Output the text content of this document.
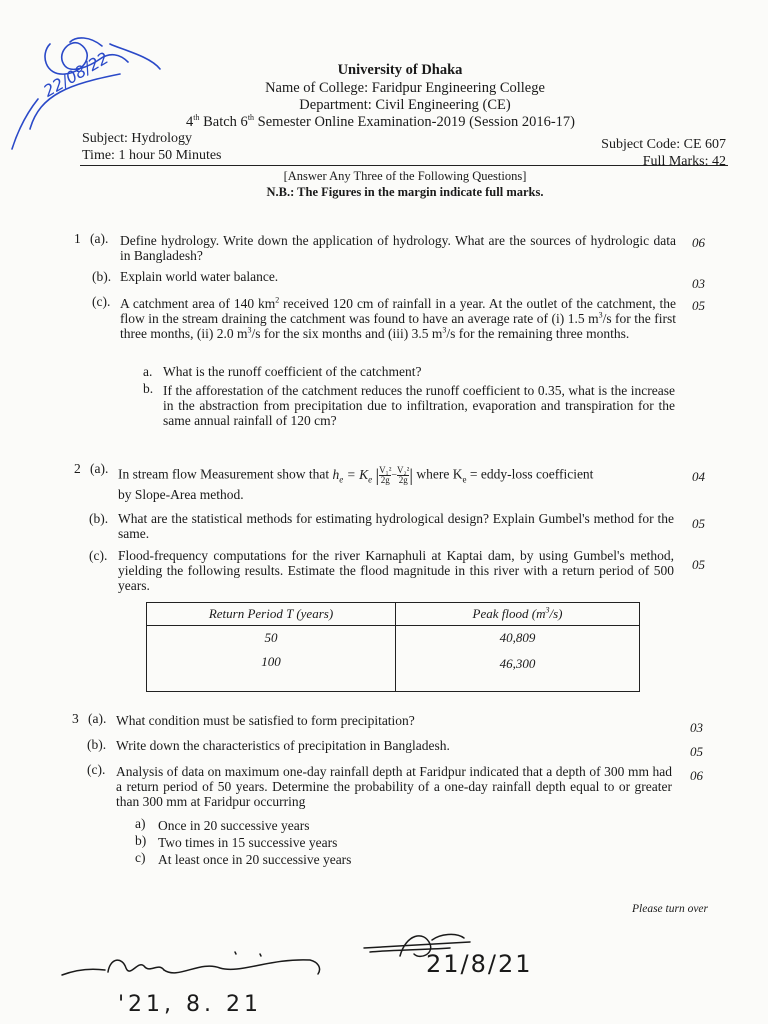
22/08/22	University of Dhaka
Name of College: Faridpur Engineering College
Department: Civil Engineering (CE)
4th Batch 6th Semester Online Examination-2019 (Session 2016-17)
Subject: Hydrology	Subject Code: CE 607
Time: 1 hour 50 Minutes	Full Marks: 42
[Answer Any Three of the Following Questions]
N.B.: The Figures in the margin indicate full marks.
1 (a). Define hydrology. Write down the application of hydrology. What are the sources of hydrologic data in Bangladesh?
06
(b). Explain world water balance.	03
(c). A catchment area of 140 $km^2$ received 120 cm of rainfall in a year. At the outlet of the catchment, the flow in the stream draining the catchment was found to have an average rate of (i) 1.5 $m^3/s$ for the first three months, (ii) 2.0 $m^3/s$ for the six months and (iii) 3.5 $m^3/s$ for the remaining three months.
05
a. What is the runoff coefficient of the catchment?
b. If the afforestation of the catchment reduces the runoff coefficient to 0.35, what is the increase in the abstraction from precipitation due to infiltration, evaporation and transpiration for the same annual rainfall of 120 cm?
2 (a). In stream flow Measurement show that $h_e = K_e$ | $\frac{\text{V₁²}}{2g} - \frac{\text{V₂²}}{2g}$ | where $K_e$ = eddy-loss coefficient
by Slope-Area method.
04
(b). What are the statistical methods for estimating hydrological design? Explain Gumbel's method for the same.
05
(c). Flood-frequency computations for the river Karnaphuli at Kaptai dam, by using Gumbel's method, yielding the following results. Estimate the flood magnitude in this river with a return period of 500 years.
05
Return Period T (years)	Peak flood $(m^3/s)$
50	40,809
100	46,300
3 (a). What condition must be satisfied to form precipitation?	03
(b). Write down the characteristics of precipitation in Bangladesh.	05
(c). Analysis of data on maximum one-day rainfall depth at Faridpur indicated that a depth of 300 mm had a return period of 50 years. Determine the probability of a one-day rainfall depth equal to or greater than 300 mm at Faridpur occurring
06
a) Once in 20 successive years
b) Two times in 15 successive years
c) At least once in 20 successive years
Please turn over
'21, 8. 21
21/8/21
